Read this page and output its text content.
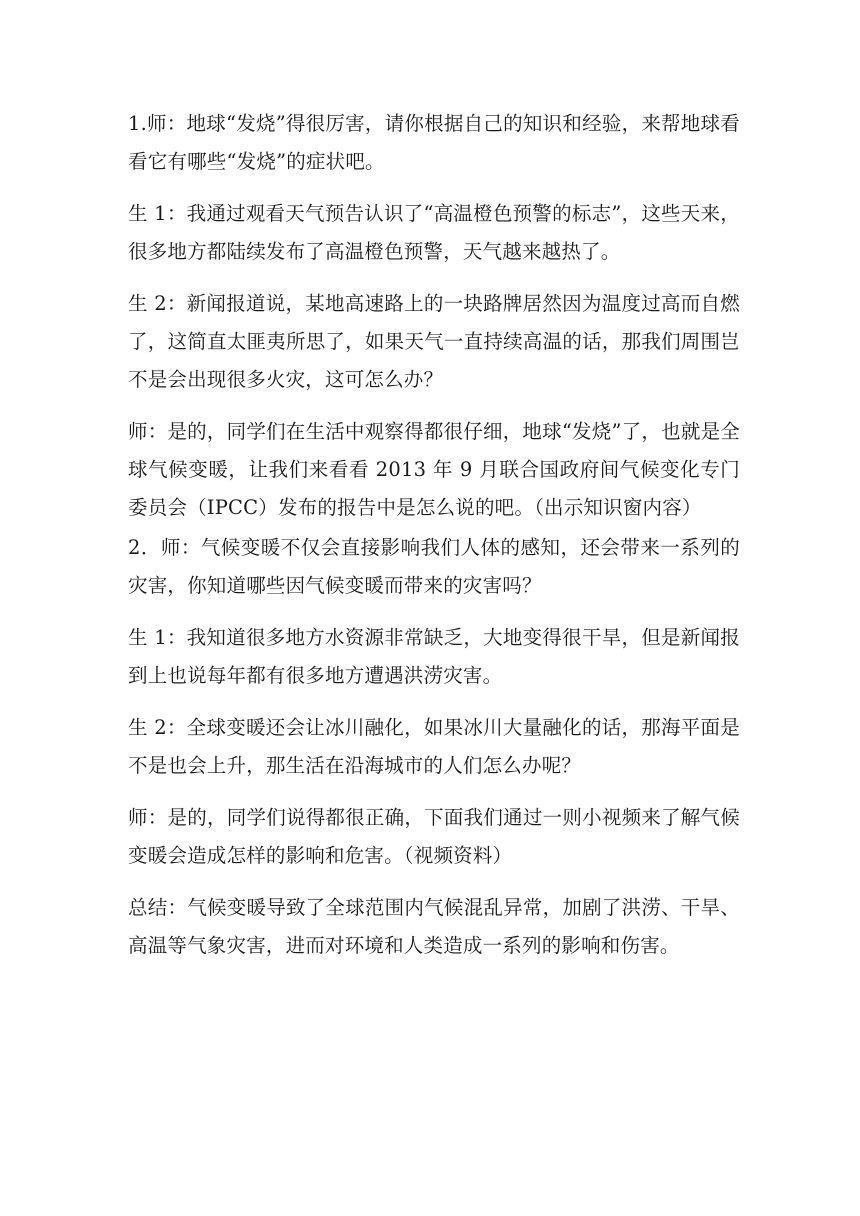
1.师：地球“发烧”得很厉害，请你根据自己的知识和经验，来帮地球看看它有哪些“发烧”的症状吧。

生 1：我通过观看天气预告认识了“高温橙色预警的标志”，这些天来，很多地方都陆续发布了高温橙色预警，天气越来越热了。

生 2：新闻报道说，某地高速路上的一块路牌居然因为温度过高而自燃了，这简直太匪夷所思了，如果天气一直持续高温的话，那我们周围岂不是会出现很多火灾，这可怎么办？

师：是的，同学们在生活中观察得都很仔细，地球“发烧”了，也就是全球气候变暖，让我们来看看 2013 年 9 月联合国政府间气候变化专门委员会（IPCC）发布的报告中是怎么说的吧。（出示知识窗内容）

2．师：气候变暖不仅会直接影响我们人体的感知，还会带来一系列的灾害，你知道哪些因气候变暖而带来的灾害吗？

生 1：我知道很多地方水资源非常缺乏，大地变得很干旱，但是新闻报到上也说每年都有很多地方遭遇洪涝灾害。

生 2：全球变暖还会让冰川融化，如果冰川大量融化的话，那海平面是不是也会上升，那生活在沿海城市的人们怎么办呢？

师：是的，同学们说得都很正确，下面我们通过一则小视频来了解气候变暖会造成怎样的影响和危害。（视频资料）

总结：气候变暖导致了全球范围内气候混乱异常，加剧了洪涝、干旱、高温等气象灾害，进而对环境和人类造成一系列的影响和伤害。
